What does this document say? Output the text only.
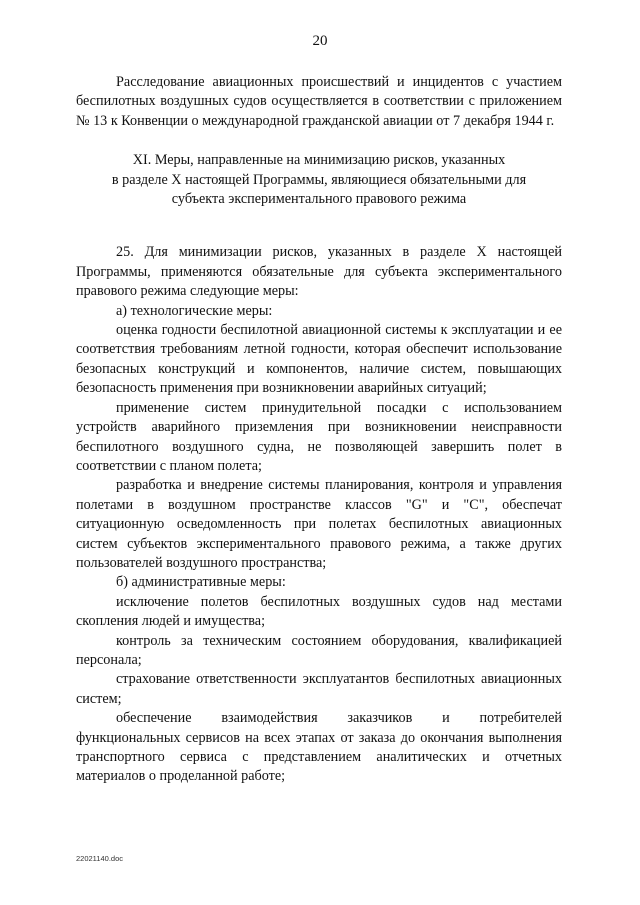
20

Расследование авиационных происшествий и инцидентов с участием беспилотных воздушных судов осуществляется в соответствии с приложением № 13 к Конвенции о международной гражданской авиации от 7 декабря 1944 г.

XI. Меры, направленные на минимизацию рисков, указанных
в разделе X настоящей Программы, являющиеся обязательными для
субъекта экспериментального правового режима

25. Для минимизации рисков, указанных в разделе X настоящей Программы, применяются обязательные для субъекта экспериментального правового режима следующие меры:

а) технологические меры:

оценка годности беспилотной авиационной системы к эксплуатации и ее соответствия требованиям летной годности, которая обеспечит использование безопасных конструкций и компонентов, наличие систем, повышающих безопасность применения при возникновении аварийных ситуаций;

применение систем принудительной посадки с использованием устройств аварийного приземления при возникновении неисправности беспилотного воздушного судна, не позволяющей завершить полет в соответствии с планом полета;

разработка и внедрение системы планирования, контроля и управления полетами в воздушном пространстве классов "G" и "C", обеспечат ситуационную осведомленность при полетах беспилотных авиационных систем субъектов экспериментального правового режима, а также других пользователей воздушного пространства;

б) административные меры:

исключение полетов беспилотных воздушных судов над местами скопления людей и имущества;

контроль за техническим состоянием оборудования, квалификацией персонала;

страхование ответственности эксплуатантов беспилотных авиационных систем;

обеспечение взаимодействия заказчиков и потребителей функциональных сервисов на всех этапах от заказа до окончания выполнения транспортного сервиса с представлением аналитических и отчетных материалов о проделанной работе;

22021140.doc
